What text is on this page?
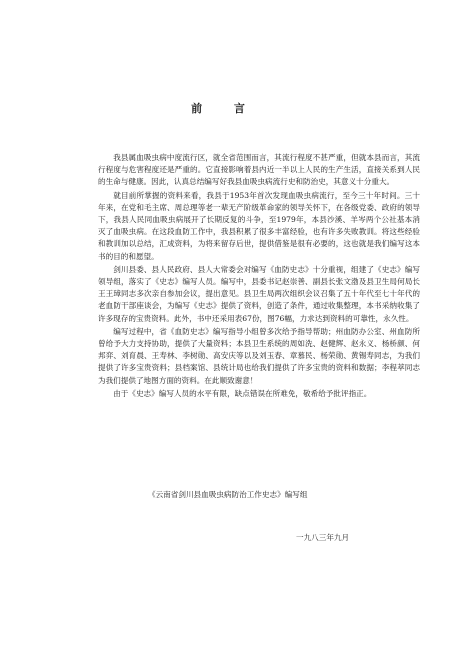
前 言

我县属血吸虫病中度流行区，就全省范围而言，其流行程度不甚严重，但就本县而言，其流行程度与危害程度还是严重的。它直接影响着县内近一半以上人民的生产生活，直接关系到人民的生命与健康。因此，认真总结编写好我县血吸虫病流行史和防治史，其意义十分重大。

就目前所掌握的资料来看，我县于1953年首次发现血吸虫病流行，至今三十年时间。三十年来，在党和毛主席、周总理等老一辈无产阶级革命家的领导关怀下，在各级党委、政府的领导下，我县人民同血吸虫病展开了长期反复的斗争，至1979年，本县沙溪、羊岑两个公社基本消灭了血吸虫病。在这段血防工作中，我县积累了很多丰富经验，也有许多失败教训。将这些经验和教训加以总结，汇成资料，为将来留存后世，提供借鉴是很有必要的，这也就是我们编写这本书的目的和愿望。

剑川县委、县人民政府、县人大常委会对编写《血防史志》十分重视，组建了《史志》编写领导组，落实了《史志》编写人员。编写中，县委书记赵崇善、副县长张文渤及县卫生局何局长王王璋同志多次亲自参加会议，提出意见。县卫生局两次组织会议召集了五十年代至七十年代的老血防干部座谈会，为编写《史志》提供了资料，创造了条件，通过收集整理，本书采纳收集了许多现存的宝贵资料。此外，书中还采用表67份，图76幅，力求达到资料的可靠性，永久性。

编写过程中，省《血防史志》编写指导小组曾多次给予指导帮助；州血防办公室、州血防所曾给予大力支持协助，提供了大量资料；本县卫生系统的周如洗、赵健辉、赵永义、杨桥颜、何邦弈、刘育晨、王寿林、李树勋、高安庆等以及刘玉春、章慕民、杨荣勋、黄锡寿同志，为我们提供了许多宝贵资料；县档案馆、县统计局也给我们提供了许多宝贵的资料和数据；李程萃同志为我们提供了地图方面的资料。在此顺致谢意！

由于《史志》编写人员的水平有限，缺点错误在所难免，敬希给予批评指正。

《云南省剑川县血吸虫病防治工作史志》编写组
一九八三年九月
